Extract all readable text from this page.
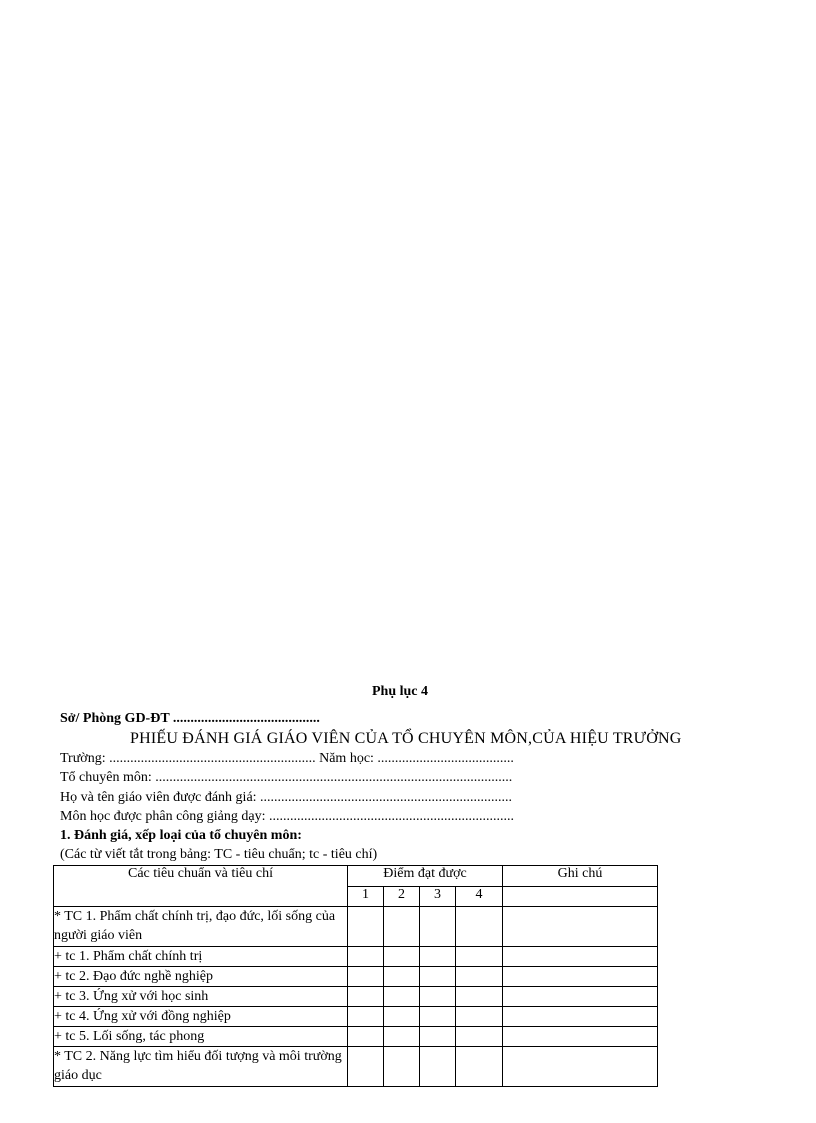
Phụ lục 4
Sở/ Phòng GD-ĐT ..........................................
PHIẾU ĐÁNH GIÁ GIÁO VIÊN CỦA TỔ CHUYÊN MÔN,CỦA HIỆU TRƯỞNG
Trường: ........................................................... Năm học: .......................................
Tổ chuyên môn: ......................................................................................................
Họ và tên giáo viên được đánh giá: ........................................................................
Môn học được phân công giảng dạy: ......................................................................
1. Đánh giá, xếp loại của tổ chuyên môn:
(Các từ viết tắt trong bảng: TC - tiêu chuẩn; tc - tiêu chí)
Các tiêu chuẩn và tiêu chí	Điểm đạt được				Ghi chú
	1	2	3	4	
* TC 1. Phẩm chất chính trị, đạo đức, lối sống của người giáo viên					
+ tc 1. Phẩm chất chính trị					
+ tc 2. Đạo đức nghề nghiệp					
+ tc 3. Ứng xử với học sinh					
+ tc 4. Ứng xử với đồng nghiệp					
+ tc 5. Lối sống, tác phong					
* TC 2. Năng lực tìm hiểu đối tượng và môi trường giáo dục					
